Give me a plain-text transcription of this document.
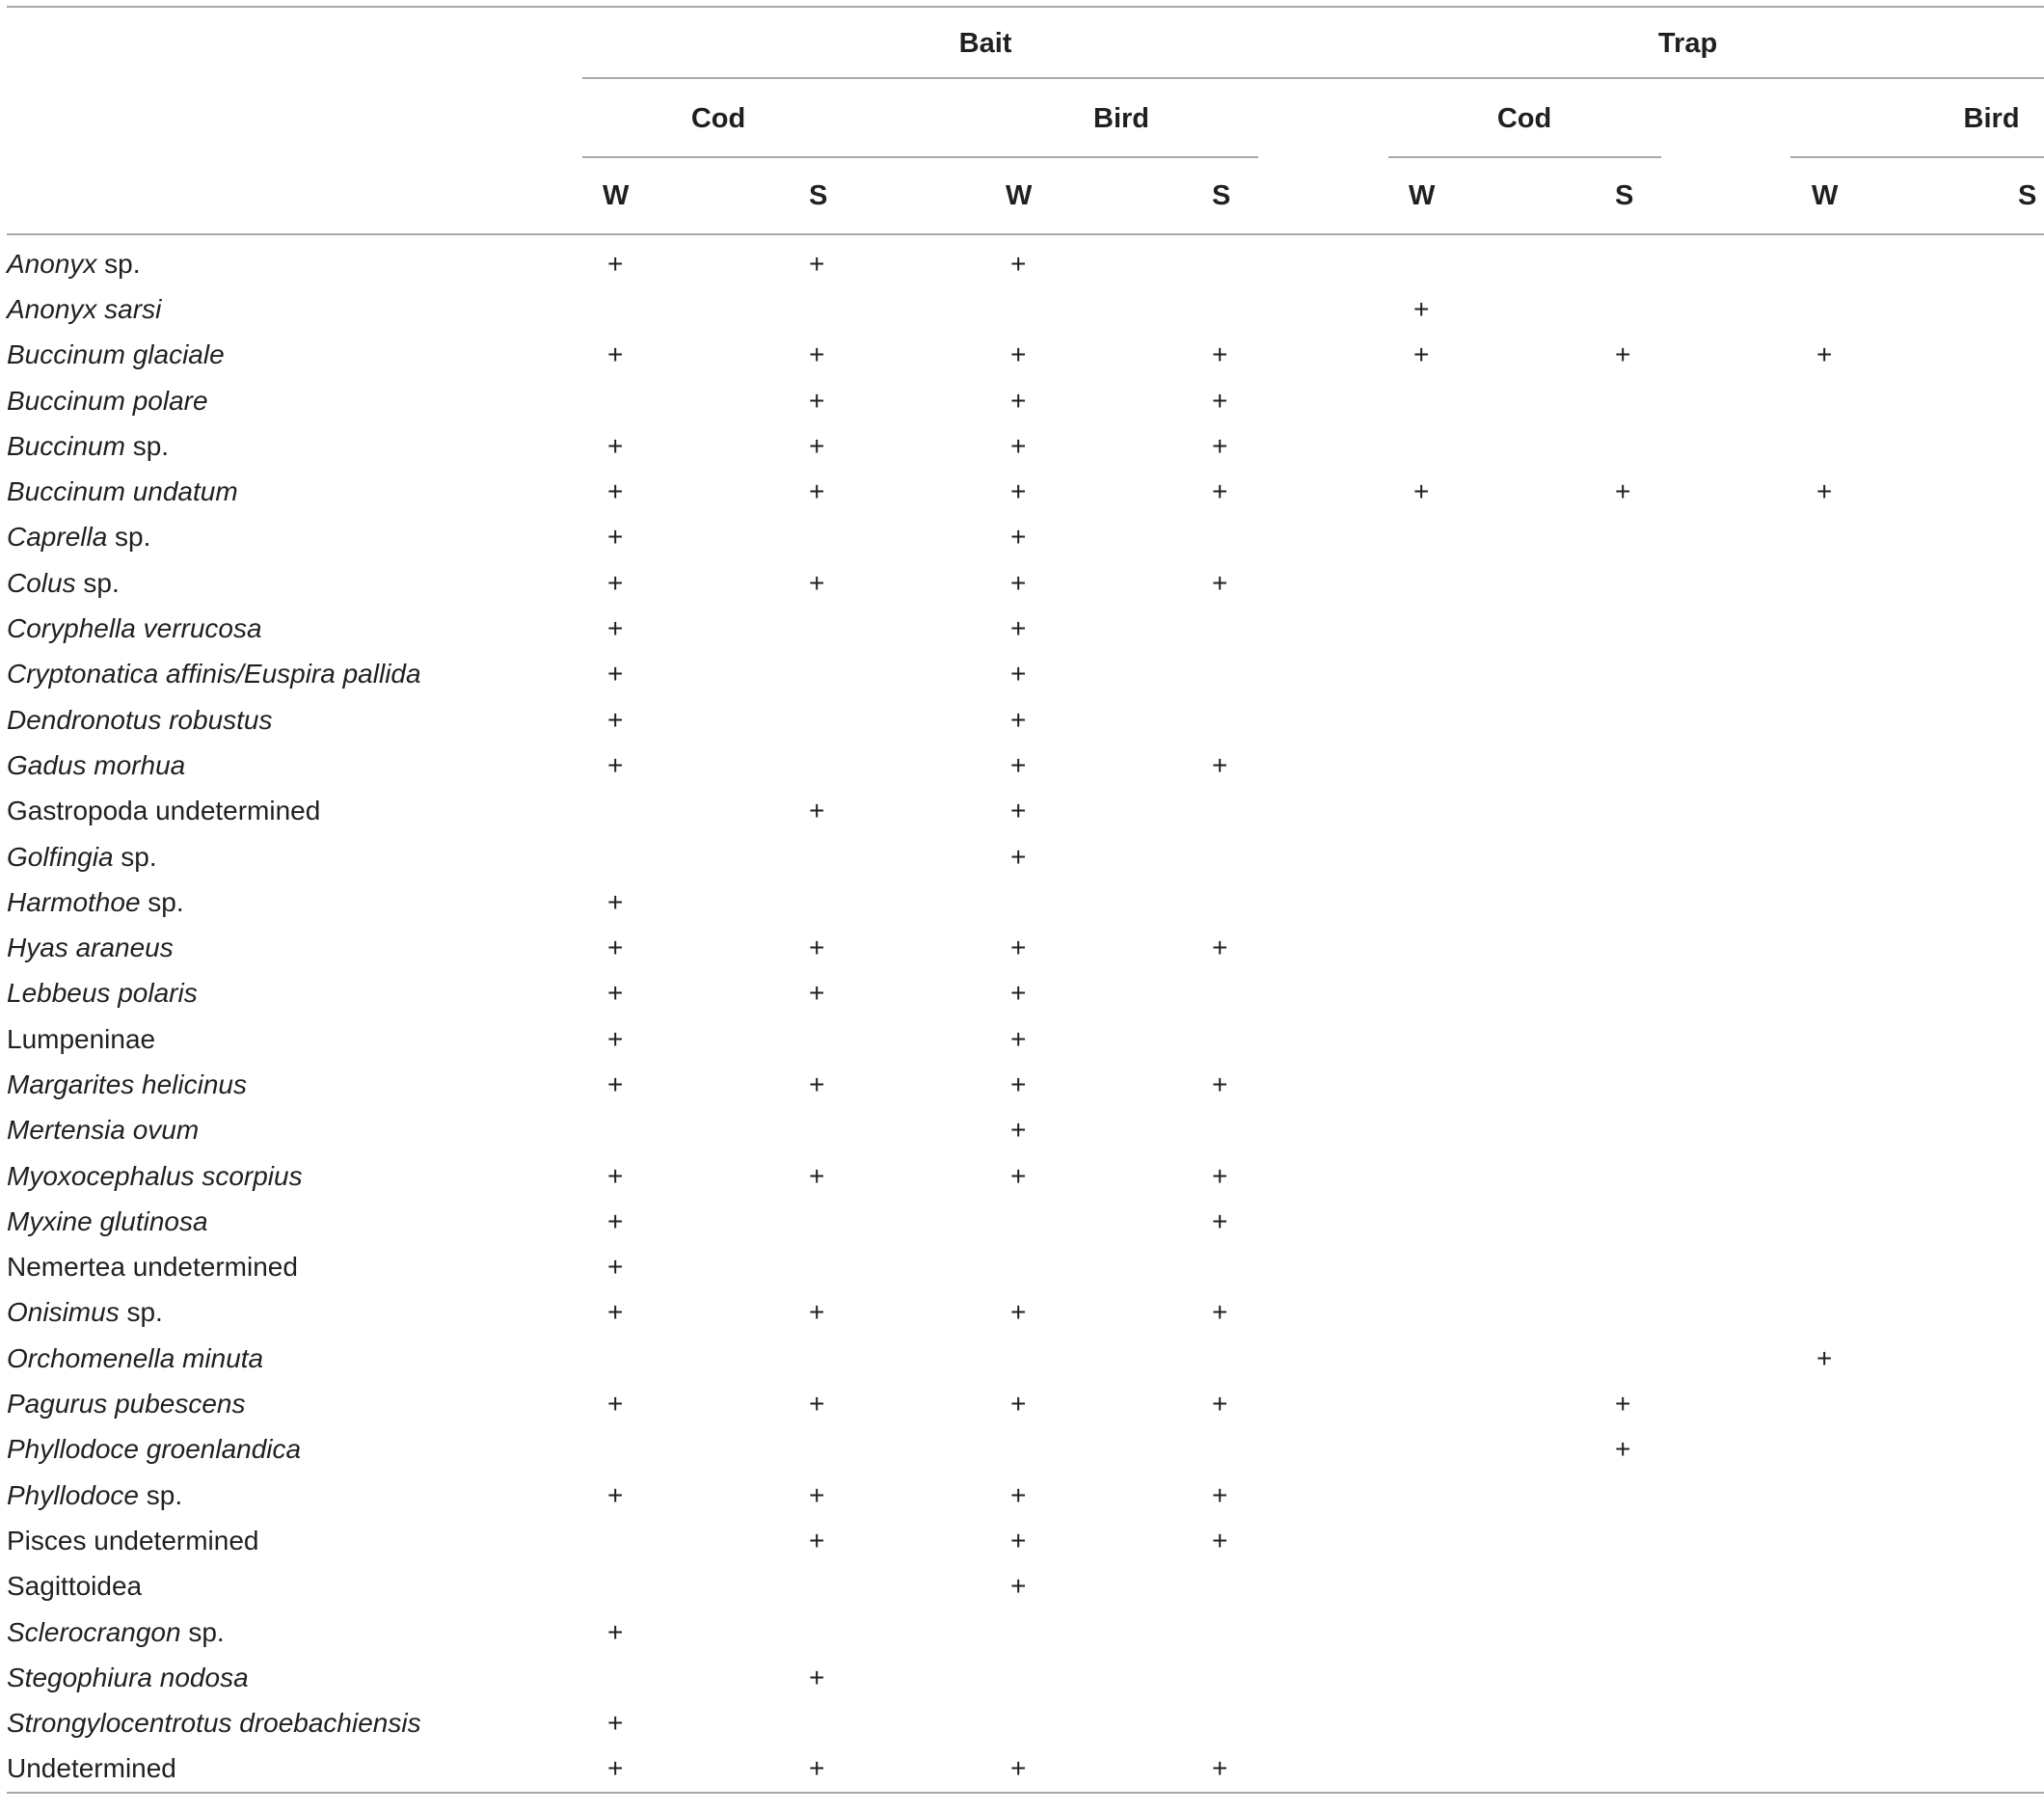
	Bait				Trap			

	Cod		Bird		Cod		Bird	

	W	S	W	S	W	S	W	S
Anonyx sp.	+	+	+					
Anonyx sarsi					+			
Buccinum glaciale	+	+	+	+	+	+	+	
Buccinum polare		+	+	+				
Buccinum sp.	+	+	+	+				
Buccinum undatum	+	+	+	+	+	+	+	
Caprella sp.	+		+					
Colus sp.	+	+	+	+				
Coryphella verrucosa	+		+					
Cryptonatica affinis/Euspira pallida	+		+					
Dendronotus robustus	+		+					
Gadus morhua	+		+	+				
Gastropoda undetermined		+	+					
Golfingia sp.			+					
Harmothoe sp.	+							
Hyas araneus	+	+	+	+				
Lebbeus polaris	+	+	+					
Lumpeninae	+		+					
Margarites helicinus	+	+	+	+				
Mertensia ovum			+					
Myoxocephalus scorpius	+	+	+	+				
Myxine glutinosa	+			+				
Nemertea undetermined	+							
Onisimus sp.	+	+	+	+				
Orchomenella minuta							+	
Pagurus pubescens	+	+	+	+		+		
Phyllodoce groenlandica						+		
Phyllodoce sp.	+	+	+	+				
Pisces undetermined		+	+	+				
Sagittoidea			+					
Sclerocrangon sp.	+							
Stegophiura nodosa		+						
Strongylocentrotus droebachiensis	+							
Undetermined	+	+	+	+				
